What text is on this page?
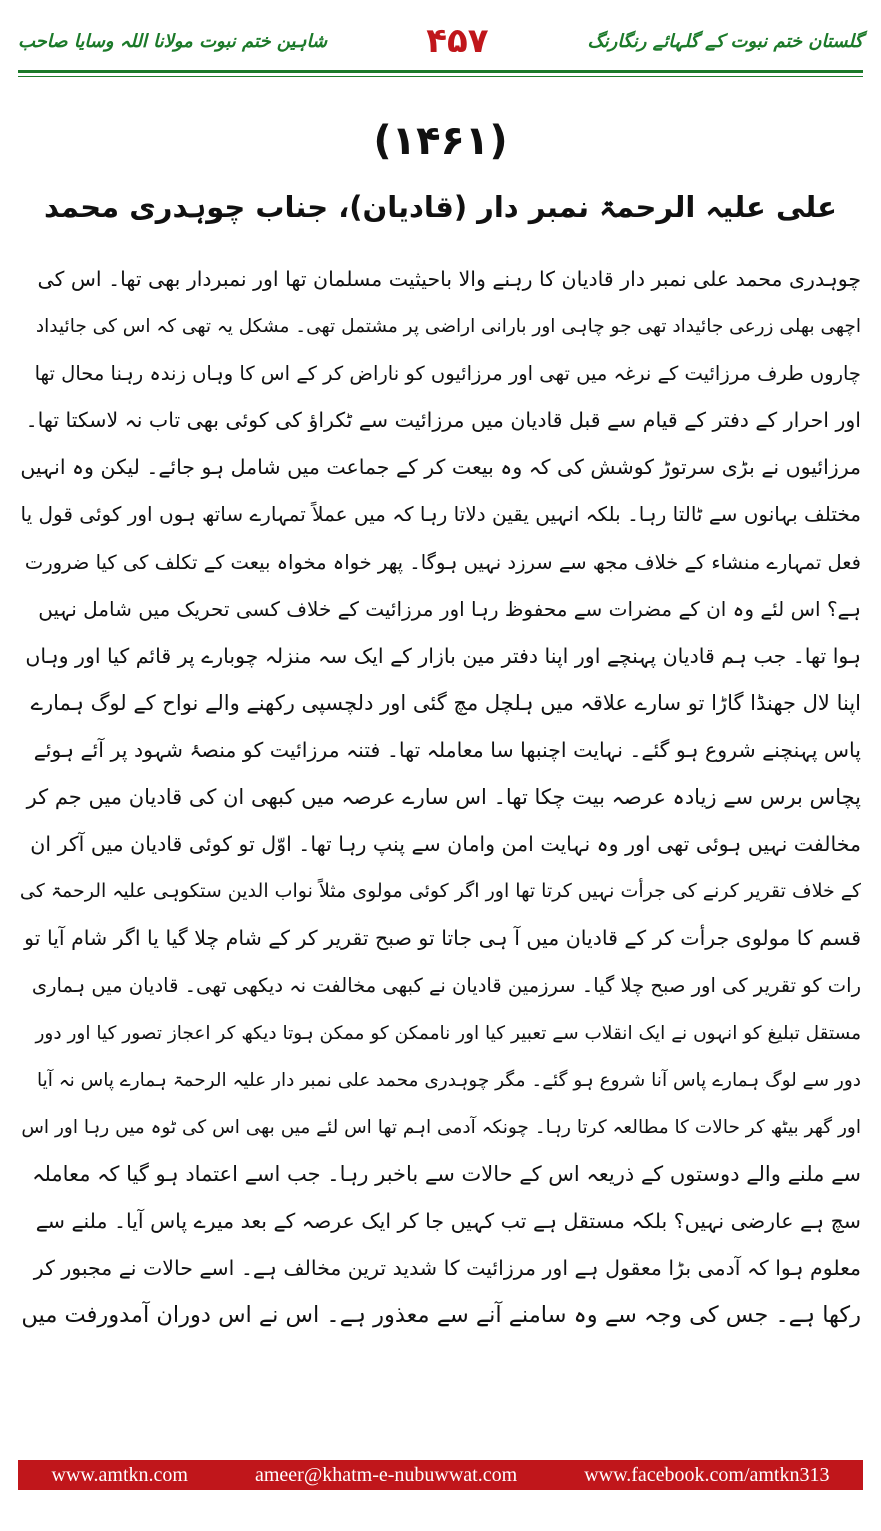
شاہین ختم نبوت مولانا اللہ وسایا صاحب	۴۵۷	گلستان ختم نبوت کے گلہائے رنگارنگ
(۱۴۶۱)
علی علیہ الرحمۃ نمبر دار (قادیان)، جناب چوہدری محمد
چوہدری محمد علی نمبر دار قادیان کا رہنے والا باحیثیت مسلمان تھا اور نمبردار بھی تھا۔ اس کی
اچھی بھلی زرعی جائیداد تھی جو چاہی اور بارانی اراضی پر مشتمل تھی۔ مشکل یہ تھی کہ اس کی جائیداد
چاروں طرف مرزائیت کے نرغہ میں تھی اور مرزائیوں کو ناراض کر کے اس کا وہاں زندہ رہنا محال تھا
اور احرار کے دفتر کے قیام سے قبل قادیان میں مرزائیت سے ٹکراؤ کی کوئی بھی تاب نہ لاسکتا تھا۔
مرزائیوں نے بڑی سرتوڑ کوشش کی کہ وہ بیعت کر کے جماعت میں شامل ہو جائے۔ لیکن وہ انہیں
مختلف بہانوں سے ٹالتا رہا۔ بلکہ انہیں یقین دلاتا رہا کہ میں عملاً تمہارے ساتھ ہوں اور کوئی قول یا
فعل تمہارے منشاء کے خلاف مجھ سے سرزد نہیں ہوگا۔ پھر خواہ مخواہ بیعت کے تکلف کی کیا ضرورت
ہے؟ اس لئے وہ ان کے مضرات سے محفوظ رہا اور مرزائیت کے خلاف کسی تحریک میں شامل نہیں
ہوا تھا۔ جب ہم قادیان پہنچے اور اپنا دفتر مین بازار کے ایک سہ منزلہ چوبارے پر قائم کیا اور وہاں
اپنا لال جھنڈا گاڑا تو سارے علاقہ میں ہلچل مچ گئی اور دلچسپی رکھنے والے نواح کے لوگ ہمارے
پاس پہنچنے شروع ہو گئے۔ نہایت اچنبھا سا معاملہ تھا۔ فتنہ مرزائیت کو منصۂ شہود پر آئے ہوئے
پچاس برس سے زیادہ عرصہ بیت چکا تھا۔ اس سارے عرصہ میں کبھی ان کی قادیان میں جم کر
مخالفت نہیں ہوئی تھی اور وہ نہایت امن وامان سے پنپ رہا تھا۔ اوّل تو کوئی قادیان میں آکر ان
کے خلاف تقریر کرنے کی جرأت نہیں کرتا تھا اور اگر کوئی مولوی مثلاً نواب الدین ستکوہی علیہ الرحمۃ کی
قسم کا مولوی جرأت کر کے قادیان میں آ ہی جاتا تو صبح تقریر کر کے شام چلا گیا یا اگر شام آیا تو
رات کو تقریر کی اور صبح چلا گیا۔ سرزمین قادیان نے کبھی مخالفت نہ دیکھی تھی۔ قادیان میں ہماری
مستقل تبلیغ کو انہوں نے ایک انقلاب سے تعبیر کیا اور ناممکن کو ممکن ہوتا دیکھ کر اعجاز تصور کیا اور دور
دور سے لوگ ہمارے پاس آنا شروع ہو گئے۔ مگر چوہدری محمد علی نمبر دار علیہ الرحمۃ ہمارے پاس نہ آیا
اور گھر بیٹھ کر حالات کا مطالعہ کرتا رہا۔ چونکہ آدمی اہم تھا اس لئے میں بھی اس کی ٹوہ میں رہا اور اس
سے ملنے والے دوستوں کے ذریعہ اس کے حالات سے باخبر رہا۔ جب اسے اعتماد ہو گیا کہ معاملہ
سچ ہے عارضی نہیں؟ بلکہ مستقل ہے تب کہیں جا کر ایک عرصہ کے بعد میرے پاس آیا۔ ملنے سے
معلوم ہوا کہ آدمی بڑا معقول ہے اور مرزائیت کا شدید ترین مخالف ہے۔ اسے حالات نے مجبور کر
رکھا ہے۔ جس کی وجہ سے وہ سامنے آنے سے معذور ہے۔ اس نے اس دوران آمدورفت میں
www.amtkn.com	ameer@khatm-e-nubuwwat.com	www.facebook.com/amtkn313
